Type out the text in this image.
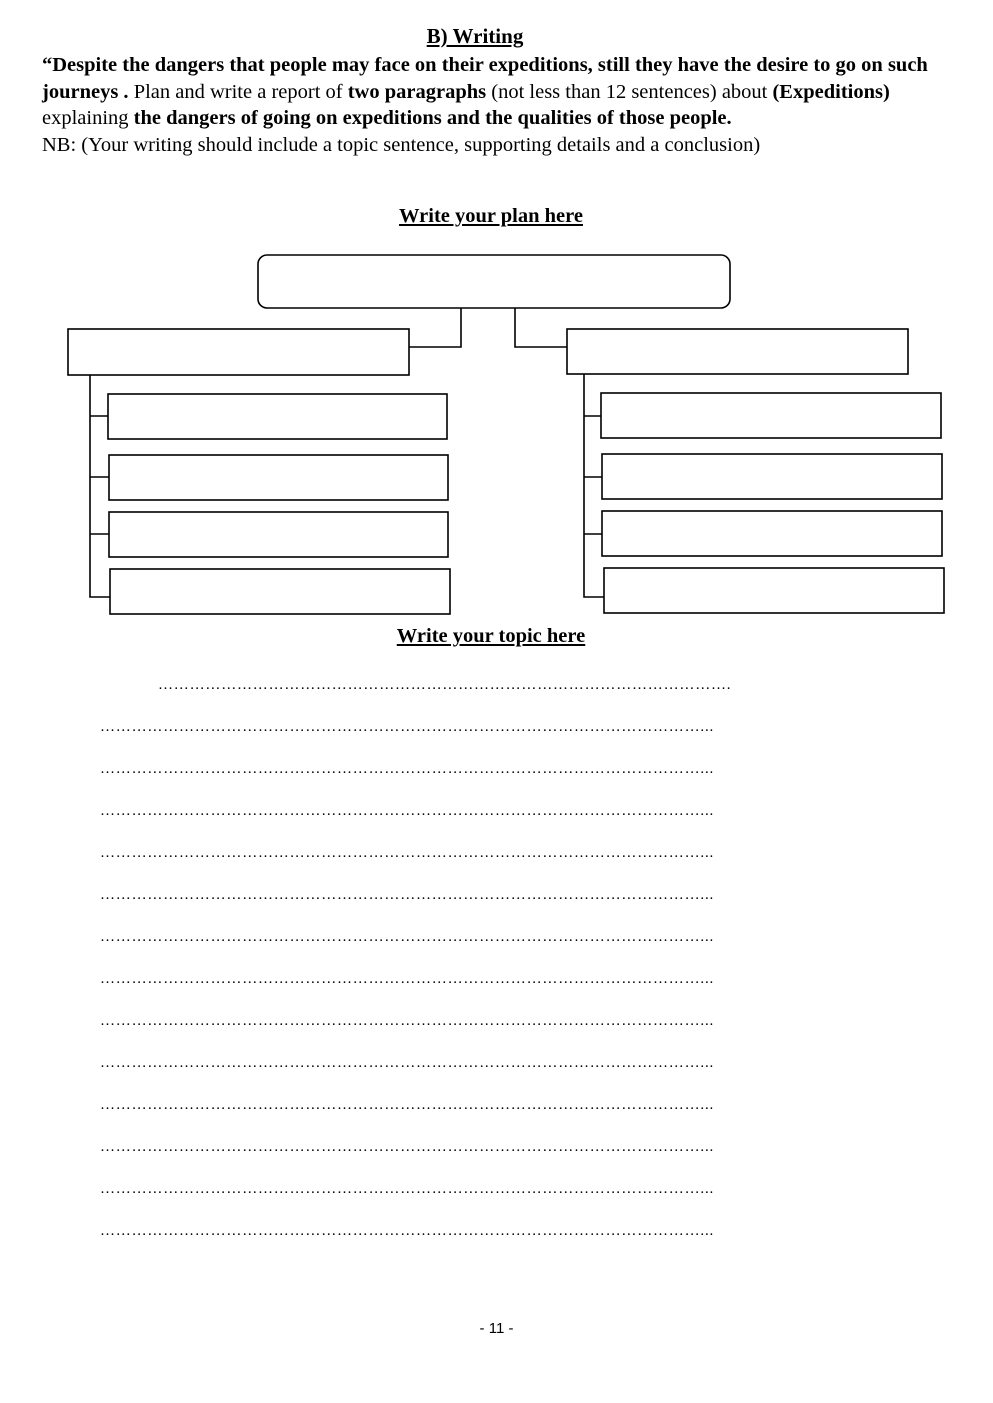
B) Writing

“Despite the dangers that people may face on their expeditions, still they have the desire to go on such journeys . Plan and write a report of two paragraphs (not less than 12 sentences) about (Expeditions) explaining the dangers of going on expeditions and the qualities of those people.

NB: (Your writing should include a topic sentence, supporting details and a conclusion)

Write your plan here
Write your topic here
……………………………………………………………………………………………….
……………………………………………………………………………………………………...
……………………………………………………………………………………………………...
……………………………………………………………………………………………………...
……………………………………………………………………………………………………...
……………………………………………………………………………………………………...
……………………………………………………………………………………………………...
……………………………………………………………………………………………………...
……………………………………………………………………………………………………...
……………………………………………………………………………………………………...
……………………………………………………………………………………………………...
……………………………………………………………………………………………………...
……………………………………………………………………………………………………...
……………………………………………………………………………………………………...
- 11 -
